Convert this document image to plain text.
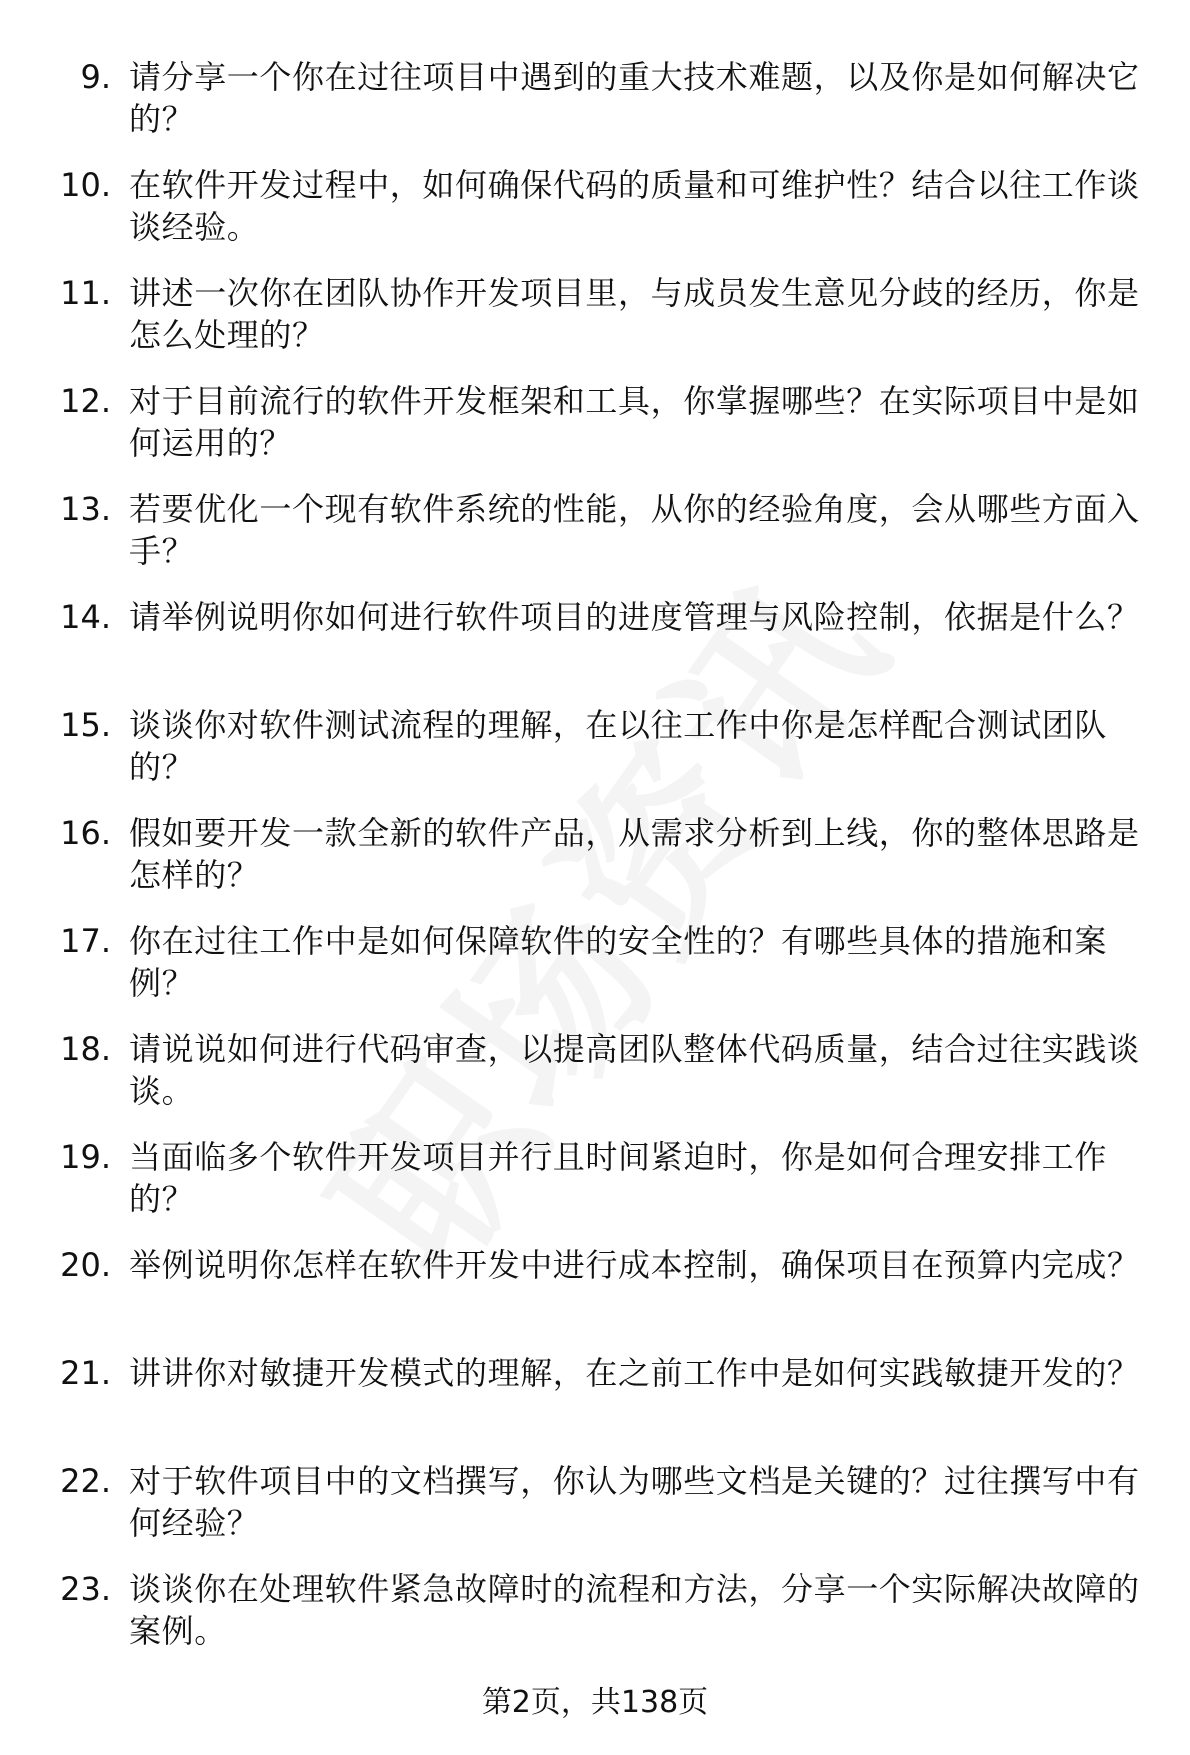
9. 请分享一个你在过往项目中遇到的重大技术难题，以及你是如何解决它的？
10. 在软件开发过程中，如何确保代码的质量和可维护性？结合以往工作谈谈经验。
11. 讲述一次你在团队协作开发项目里，与成员发生意见分歧的经历，你是怎么处理的？
12. 对于目前流行的软件开发框架和工具，你掌握哪些？在实际项目中是如何运用的？
13. 若要优化一个现有软件系统的性能，从你的经验角度，会从哪些方面入手？
14. 请举例说明你如何进行软件项目的进度管理与风险控制，依据是什么？
15. 谈谈你对软件测试流程的理解，在以往工作中你是怎样配合测试团队的？
16. 假如要开发一款全新的软件产品，从需求分析到上线，你的整体思路是怎样的？
17. 你在过往工作中是如何保障软件的安全性的？有哪些具体的措施和案例？
18. 请说说如何进行代码审查，以提高团队整体代码质量，结合过往实践谈谈。
19. 当面临多个软件开发项目并行且时间紧迫时，你是如何合理安排工作的？
20. 举例说明你怎样在软件开发中进行成本控制，确保项目在预算内完成？
21. 讲讲你对敏捷开发模式的理解，在之前工作中是如何实践敏捷开发的？
22. 对于软件项目中的文档撰写，你认为哪些文档是关键的？过往撰写中有何经验？
23. 谈谈你在处理软件紧急故障时的流程和方法，分享一个实际解决故障的案例。
第2页，共138页
